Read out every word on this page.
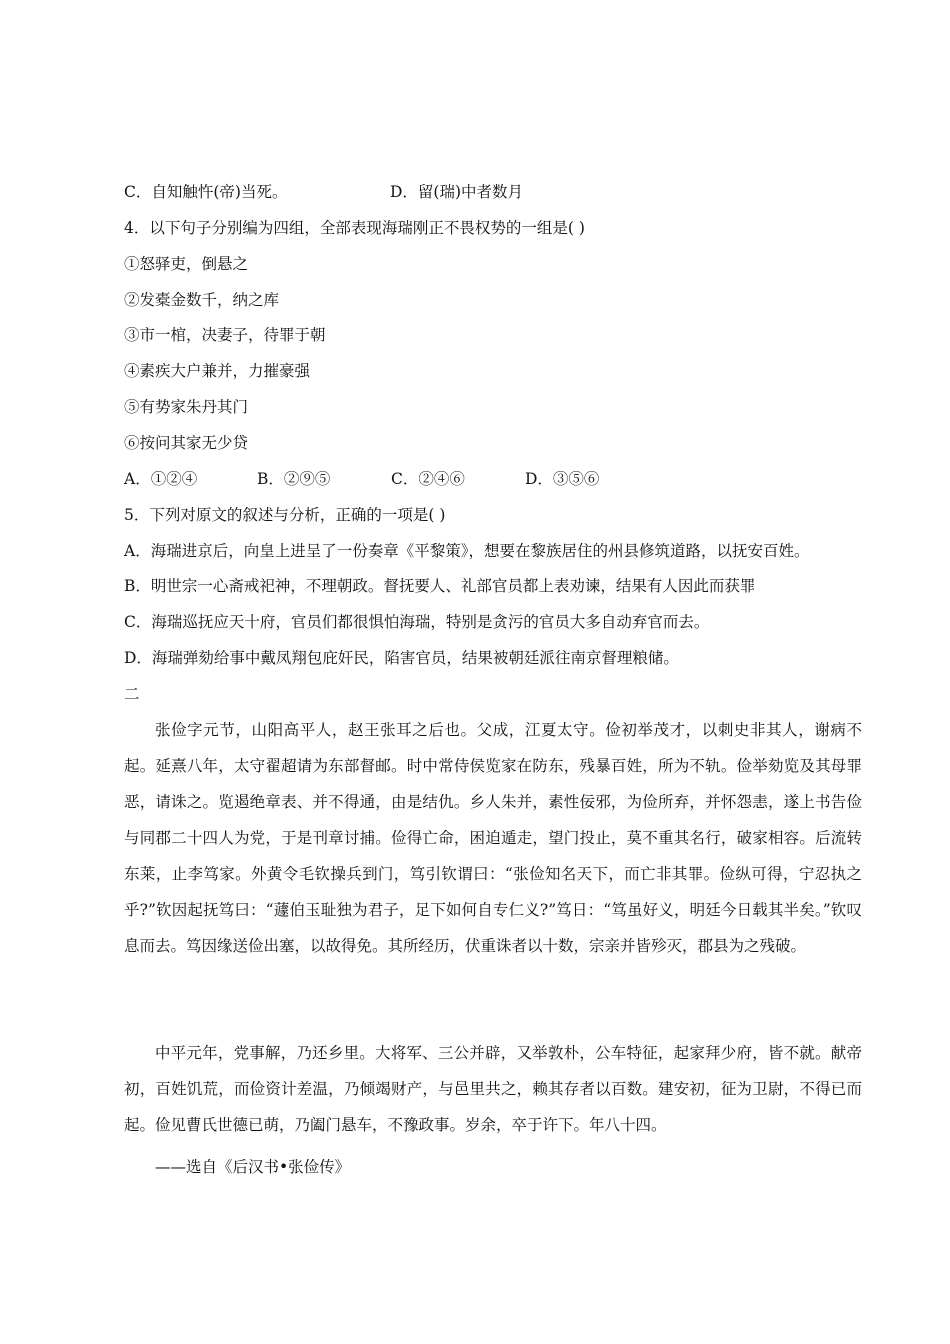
C．自知触忤(帝)当死。	D．留(瑞)中者数月
4．以下句子分别编为四组，全部表现海瑞刚正不畏权势的一组是( )
①怒驿吏，倒悬之
②发橐金数千，纳之库
③市一棺，决妻子，待罪于朝
④素疾大户兼并，力摧豪强
⑤有势家朱丹其门
⑥按问其家无少贷
A．①②④	B．②⑨⑤	C．②④⑥	D．③⑤⑥
5．下列对原文的叙述与分析，正确的一项是( )
A．海瑞进京后，向皇上进呈了一份奏章《平黎策》，想要在黎族居住的州县修筑道路，以抚安百姓。
B．明世宗一心斋戒祀神，不理朝政。督抚要人、礼部官员都上表劝谏，结果有人因此而获罪
C．海瑞巡抚应天十府，官员们都很惧怕海瑞，特别是贪污的官员大多自动弃官而去。
D．海瑞弹劾给事中戴凤翔包庇奸民，陷害官员，结果被朝廷派往南京督理粮储。
二

张俭字元节，山阳高平人，赵王张耳之后也。父成，江夏太守。俭初举茂才，以刺史非其人，谢病不起。延熹八年，太守翟超请为东部督邮。时中常侍侯览家在防东，残暴百姓，所为不轨。俭举劾览及其母罪恶，请诛之。览遏绝章表、并不得通，由是结仇。乡人朱并，素性佞邪，为俭所弃，并怀怨恚，遂上书告俭与同郡二十四人为党，于是刊章讨捕。俭得亡命，困迫遁走，望门投止，莫不重其名行，破家相容。后流转东莱，止李笃家。外黄令毛钦操兵到门，笃引钦谓曰：“张俭知名天下，而亡非其罪。俭纵可得，宁忍执之乎?”钦因起抚笃曰：“蘧伯玉耻独为君子，足下如何自专仁义?”笃日：“笃虽好义，明廷今日载其半矣。”钦叹息而去。笃因缘送俭出塞，以故得免。其所经历，伏重诛者以十数，宗亲并皆殄灭，郡县为之残破。

中平元年，党事解，乃还乡里。大将军、三公并辟，又举敦朴，公车特征，起家拜少府，皆不就。献帝初，百姓饥荒，而俭资计差温，乃倾竭财产，与邑里共之，赖其存者以百数。建安初，征为卫尉，不得已而起。俭见曹氏世德已萌，乃阖门悬车，不豫政事。岁余，卒于许下。年八十四。

——选自《后汉书•张俭传》
